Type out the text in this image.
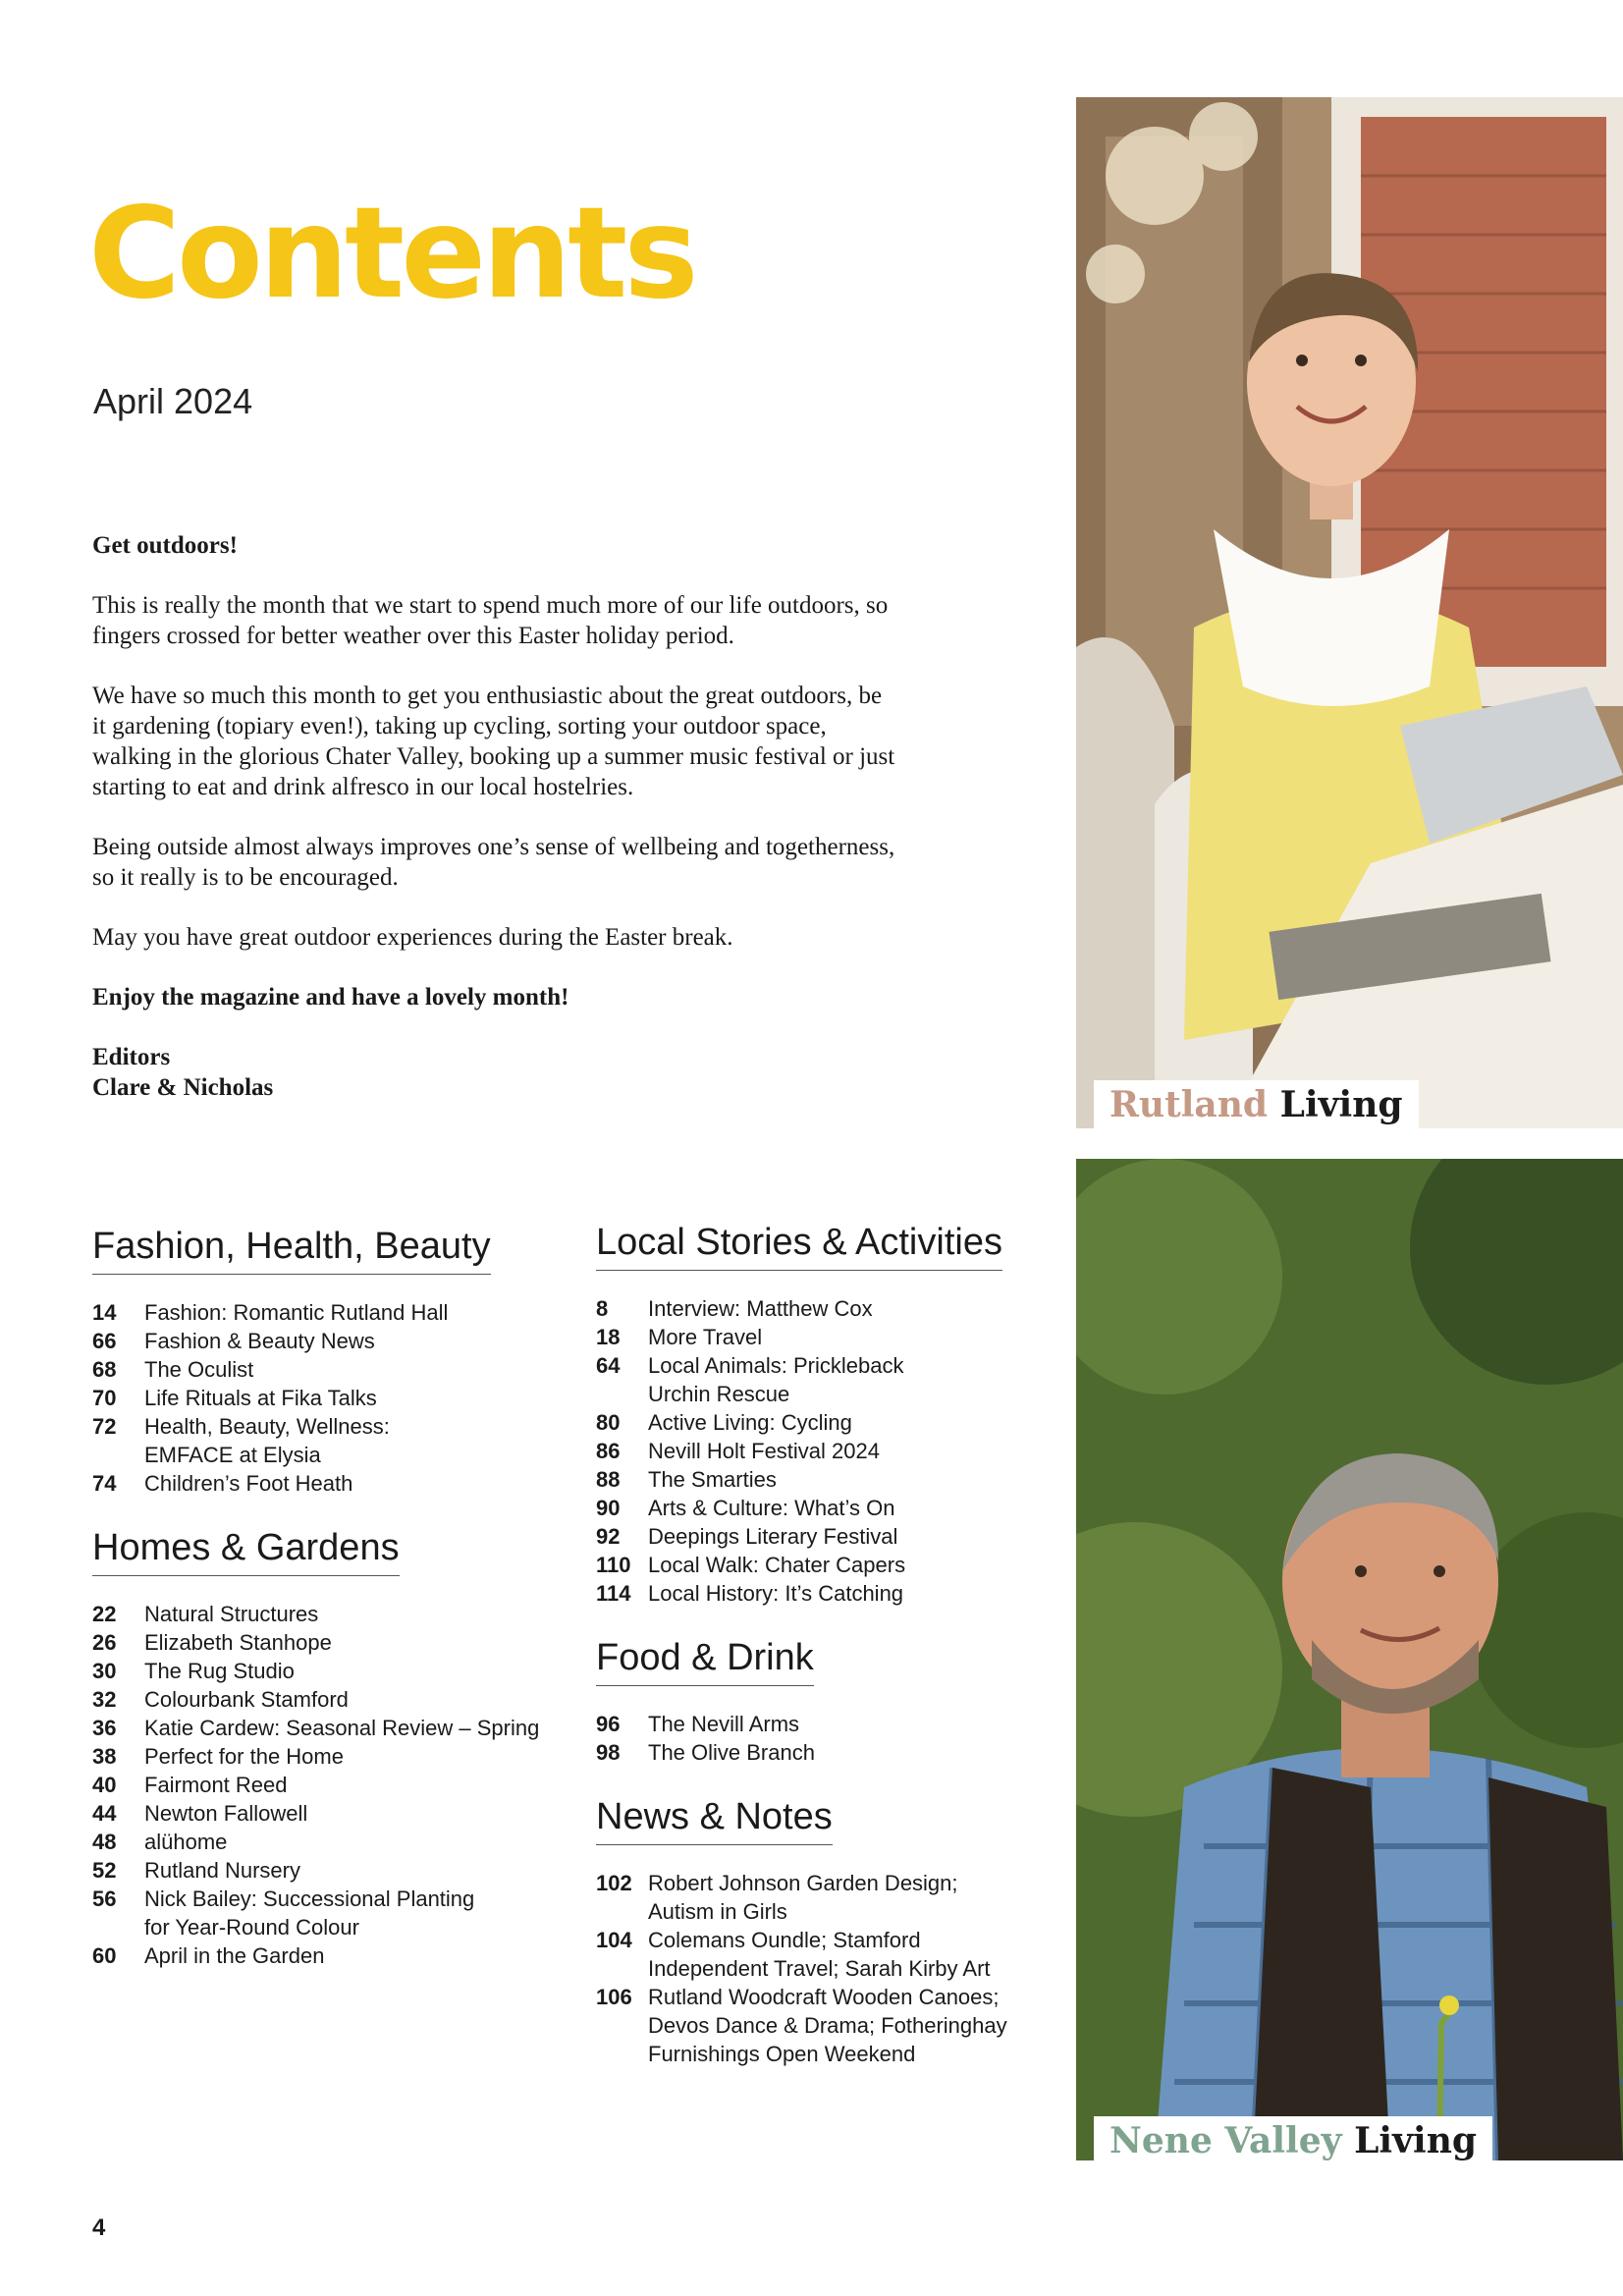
Contents
April 2024

Get outdoors!

This is really the month that we start to spend much more of our life outdoors, so fingers crossed for better weather over this Easter holiday period.

We have so much this month to get you enthusiastic about the great outdoors, be it gardening (topiary even!), taking up cycling, sorting your outdoor space, walking in the glorious Chater Valley, booking up a summer music festival or just starting to eat and drink alfresco in our local hostelries.

Being outside almost always improves one’s sense of wellbeing and togetherness, so it really is to be encouraged.

May you have great outdoor experiences during the Easter break.

Enjoy the magazine and have a lovely month!

Editors
Clare & Nicholas
Fashion, Health, Beauty
14	Fashion: Romantic Rutland Hall
66	Fashion & Beauty News
68	The Oculist
70	Life Rituals at Fika Talks
72	Health, Beauty, Wellness:
EMFACE at Elysia
74	Children’s Foot Heath
Homes & Gardens
22	Natural Structures
26	Elizabeth Stanhope
30	The Rug Studio
32	Colourbank Stamford
36	Katie Cardew: Seasonal Review – Spring
38	Perfect for the Home
40	Fairmont Reed
44	Newton Fallowell
48	alühome
52	Rutland Nursery
56	Nick Bailey: Successional Planting
for Year-Round Colour
60	April in the Garden
Local Stories & Activities
8	Interview: Matthew Cox
18	More Travel
64	Local Animals: Prickleback
Urchin Rescue
80	Active Living: Cycling
86	Nevill Holt Festival 2024
88	The Smarties
90	Arts & Culture: What’s On
92	Deepings Literary Festival
110 Local Walk: Chater Capers
114 Local History: It’s Catching
Food & Drink
96	The Nevill Arms
98	The Olive Branch
News & Notes
102 Robert Johnson Garden Design;
Autism in Girls
104 Colemans Oundle; Stamford
Independent Travel; Sarah Kirby Art
106 Rutland Woodcraft Wooden Canoes;
Devos Dance & Drama; Fotheringhay
Furnishings Open Weekend
Rutland Living
Nene Valley Living
4
